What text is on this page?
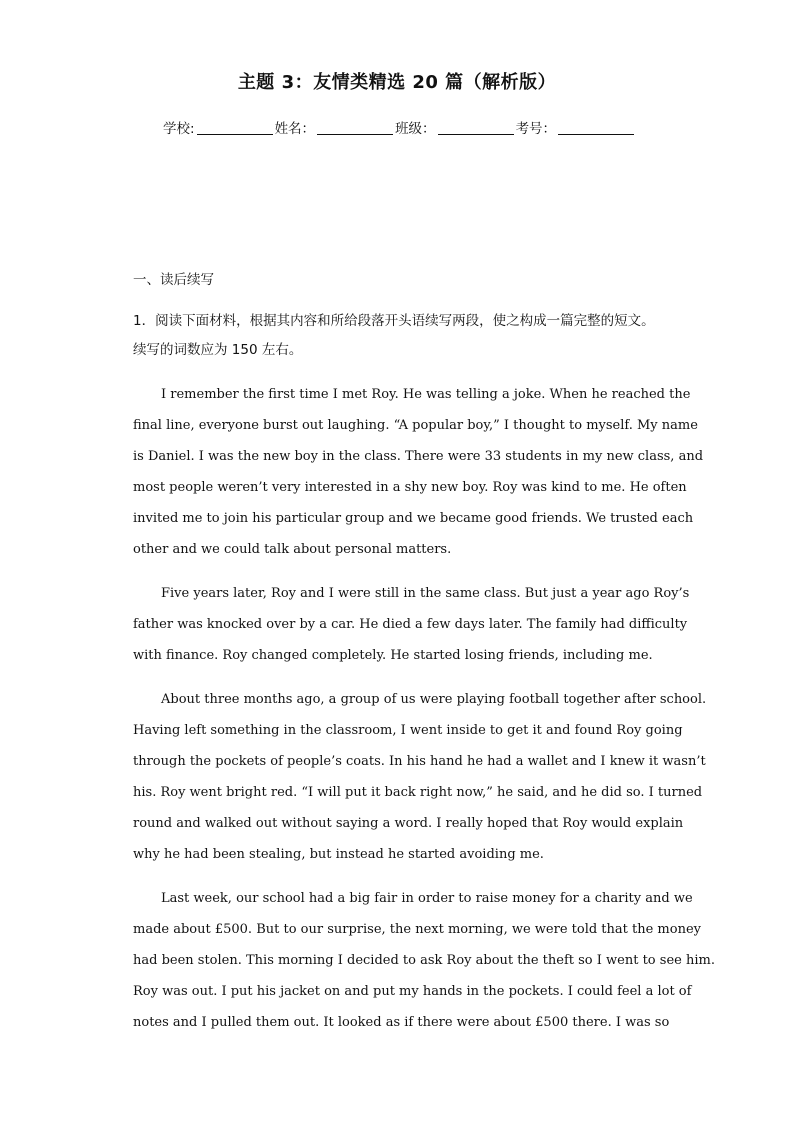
主题 3：友情类精选 20 篇（解析版）
学校:	姓名：	班级：	考号：
一、读后续写
1．阅读下面材料，根据其内容和所给段落开头语续写两段，使之构成一篇完整的短文。
续写的词数应为 150 左右。
I remember the first time I met Roy. He was telling a joke. When he reached the
final line, everyone burst out laughing. “A popular boy,” I thought to myself. My name
is Daniel. I was the new boy in the class. There were 33 students in my new class, and
most people weren’t very interested in a shy new boy. Roy was kind to me. He often
invited me to join his particular group and we became good friends. We trusted each
other and we could talk about personal matters.
Five years later, Roy and I were still in the same class. But just a year ago Roy’s
father was knocked over by a car. He died a few days later. The family had difficulty
with finance. Roy changed completely. He started losing friends, including me.
About three months ago, a group of us were playing football together after school.
Having left something in the classroom, I went inside to get it and found Roy going
through the pockets of people’s coats. In his hand he had a wallet and I knew it wasn’t
his. Roy went bright red. “I will put it back right now,” he said, and he did so. I turned
round and walked out without saying a word. I really hoped that Roy would explain
why he had been stealing, but instead he started avoiding me.
Last week, our school had a big fair in order to raise money for a charity and we
made about £500. But to our surprise, the next morning, we were told that the money
had been stolen. This morning I decided to ask Roy about the theft so I went to see him.
Roy was out. I put his jacket on and put my hands in the pockets. I could feel a lot of
notes and I pulled them out. It looked as if there were about £500 there. I was so
